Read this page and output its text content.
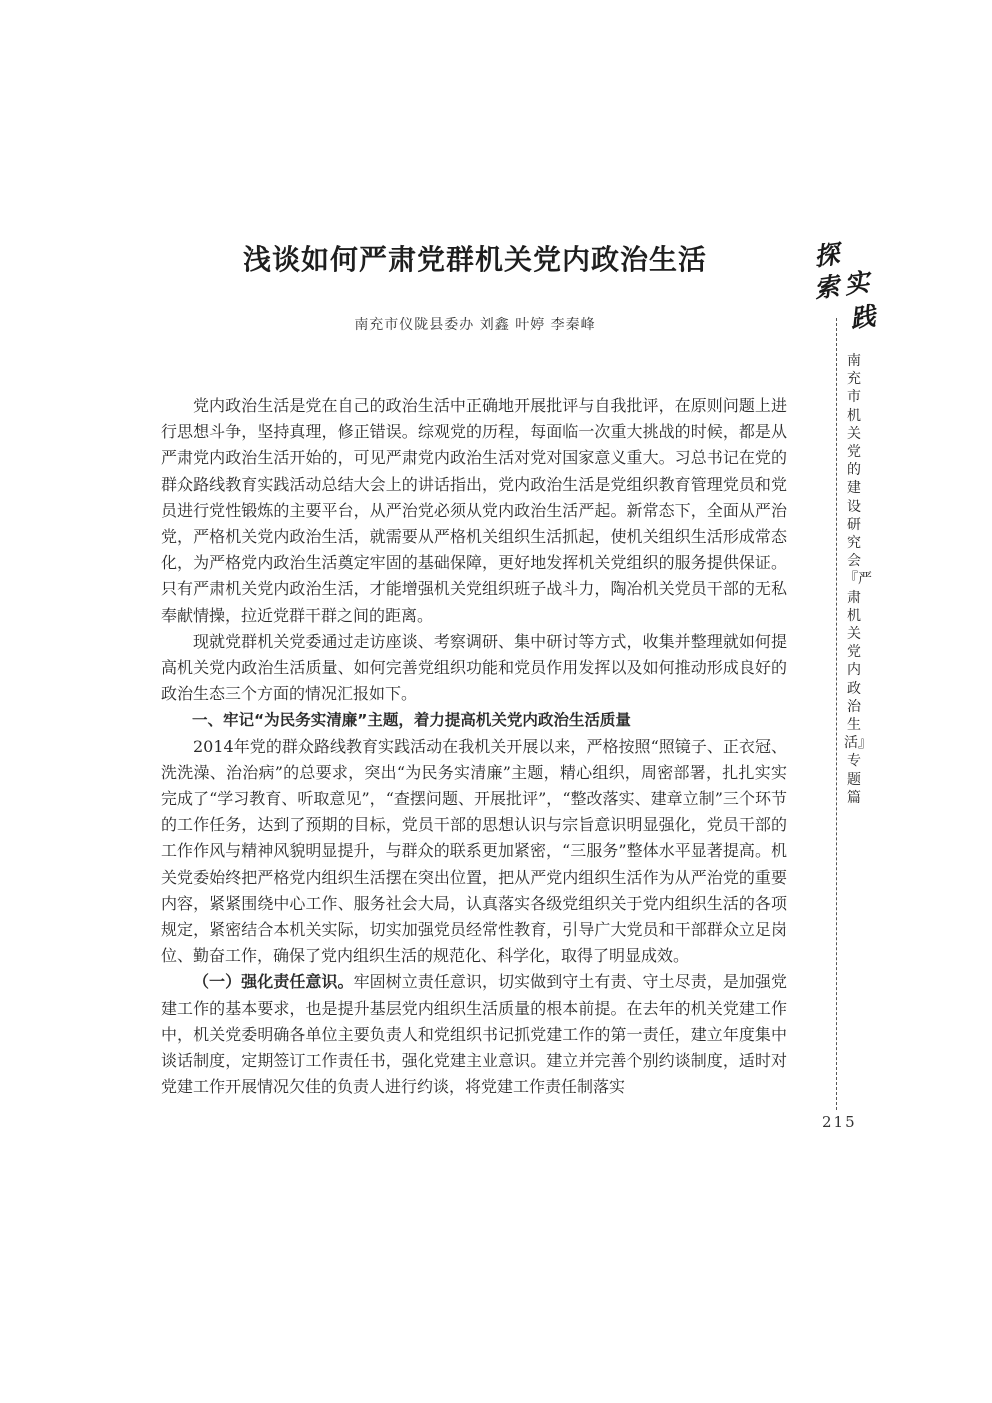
浅谈如何严肃党群机关党内政治生活
南充市仪陇县委办 刘鑫 叶婷 李秦峰

党内政治生活是党在自己的政治生活中正确地开展批评与自我批评，在原则问题上进行思想斗争，坚持真理，修正错误。综观党的历程，每面临一次重大挑战的时候，都是从严肃党内政治生活开始的，可见严肃党内政治生活对党对国家意义重大。习总书记在党的群众路线教育实践活动总结大会上的讲话指出，党内政治生活是党组织教育管理党员和党员进行党性锻炼的主要平台，从严治党必须从党内政治生活严起。新常态下，全面从严治党，严格机关党内政治生活，就需要从严格机关组织生活抓起，使机关组织生活形成常态化，为严格党内政治生活奠定牢固的基础保障，更好地发挥机关党组织的服务提供保证。只有严肃机关党内政治生活，才能增强机关党组织班子战斗力，陶冶机关党员干部的无私奉献情操，拉近党群干群之间的距离。

现就党群机关党委通过走访座谈、考察调研、集中研讨等方式，收集并整理就如何提高机关党内政治生活质量、如何完善党组织功能和党员作用发挥以及如何推动形成良好的政治生态三个方面的情况汇报如下。

一、牢记“为民务实清廉”主题，着力提高机关党内政治生活质量

2014年党的群众路线教育实践活动在我机关开展以来，严格按照“照镜子、正衣冠、洗洗澡、治治病”的总要求，突出“为民务实清廉”主题，精心组织，周密部署，扎扎实实完成了“学习教育、听取意见”，“查摆问题、开展批评”，“整改落实、建章立制”三个环节的工作任务，达到了预期的目标，党员干部的思想认识与宗旨意识明显强化，党员干部的工作作风与精神风貌明显提升，与群众的联系更加紧密，“三服务”整体水平显著提高。机关党委始终把严格党内组织生活摆在突出位置，把从严党内组织生活作为从严治党的重要内容，紧紧围绕中心工作、服务社会大局，认真落实各级党组织关于党内组织生活的各项规定，紧密结合本机关实际，切实加强党员经常性教育，引导广大党员和干部群众立足岗位、勤奋工作，确保了党内组织生活的规范化、科学化，取得了明显成效。

（一）强化责任意识。牢固树立责任意识，切实做到守土有责、守土尽责，是加强党建工作的基本要求，也是提升基层党内组织生活质量的根本前提。在去年的机关党建工作中，机关党委明确各单位主要负责人和党组织书记抓党建工作的第一责任，建立年度集中谈话制度，定期签订工作责任书，强化党建主业意识。建立并完善个别约谈制度，适时对党建工作开展情况欠佳的负责人进行约谈，将党建工作责任制落实

探
索 实
践
南充市机关党的建设研究会『严肃机关党内政治生活』专题篇
215
